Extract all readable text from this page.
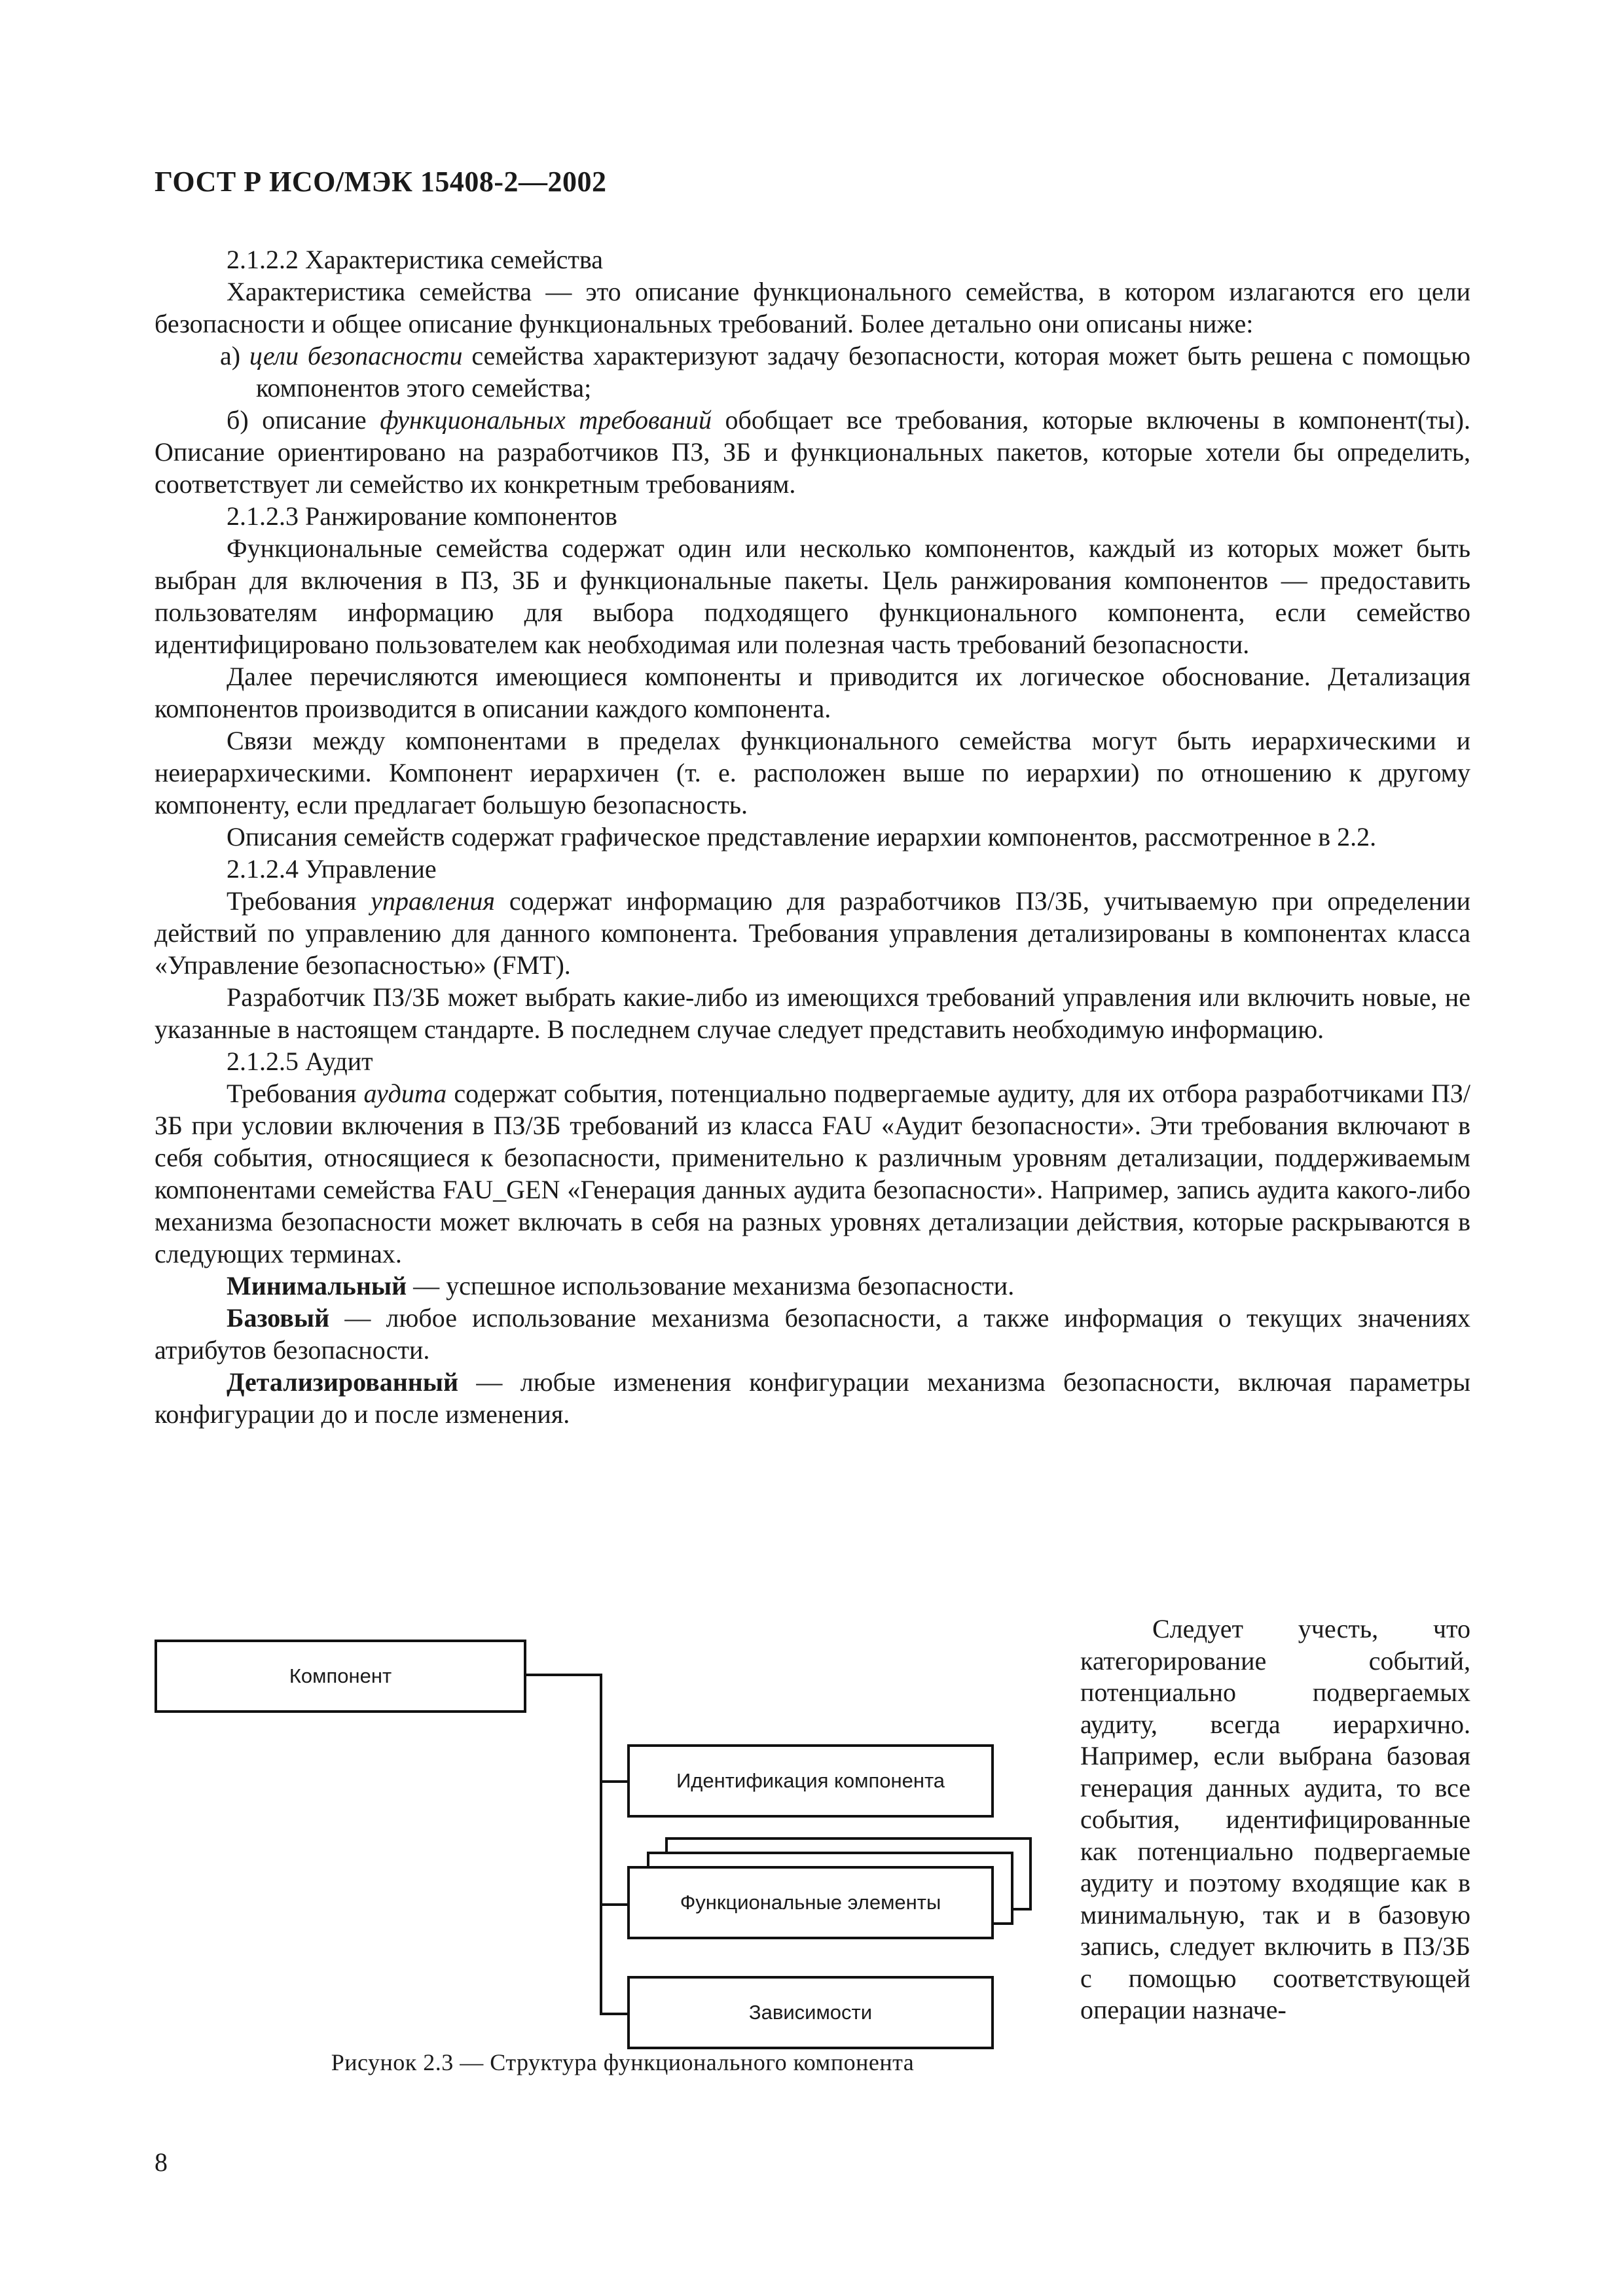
ГОСТ Р ИСО/МЭК 15408-2—2002

2.1.2.2 Характеристика семейства

Характеристика семейства — это описание функционального семейства, в котором излагаются его цели безопасности и общее описание функциональных требований. Более детально они описаны ниже:

а) цели безопасности семейства характеризуют задачу безопасности, которая может быть решена с помощью компонентов этого семейства;

б) описание функциональных требований обобщает все требования, которые включены в компонент(ты). Описание ориентировано на разработчиков ПЗ, ЗБ и функциональных пакетов, которые хотели бы определить, соответствует ли семейство их конкретным требованиям.

2.1.2.3 Ранжирование компонентов

Функциональные семейства содержат один или несколько компонентов, каждый из которых может быть выбран для включения в ПЗ, ЗБ и функциональные пакеты. Цель ранжирования компонентов — предоставить пользователям информацию для выбора подходящего функционального компонента, если семейство идентифицировано пользователем как необходимая или полезная часть требований безопасности.

Далее перечисляются имеющиеся компоненты и приводится их логическое обоснование. Детализация компонентов производится в описании каждого компонента.

Связи между компонентами в пределах функционального семейства могут быть иерархическими и неиерархическими. Компонент иерархичен (т. е. расположен выше по иерархии) по отношению к другому компоненту, если предлагает большую безопасность.

Описания семейств содержат графическое представление иерархии компонентов, рассмотренное в 2.2.

2.1.2.4 Управление

Требования управления содержат информацию для разработчиков ПЗ/ЗБ, учитываемую при определении действий по управлению для данного компонента. Требования управления детализированы в компонентах класса «Управление безопасностью» (FMT).

Разработчик ПЗ/ЗБ может выбрать какие-либо из имеющихся требований управления или включить новые, не указанные в настоящем стандарте. В последнем случае следует представить необходимую информацию.

2.1.2.5 Аудит

Требования аудита содержат события, потенциально подвергаемые аудиту, для их отбора разработчиками ПЗ/ЗБ при условии включения в ПЗ/ЗБ требований из класса FAU «Аудит безопасности». Эти требования включают в себя события, относящиеся к безопасности, применительно к различным уровням детализации, поддерживаемым компонентами семейства FAU_GEN «Генерация данных аудита безопасности». Например, запись аудита какого-либо механизма безопасности может включать в себя на разных уровнях детализации действия, которые раскрываются в следующих терминах.

Минимальный — успешное использование механизма безопасности.

Базовый — любое использование механизма безопасности, а также информация о текущих значениях атрибутов безопасности.

Детализированный — любые изменения конфигурации механизма безопасности, включая параметры конфигурации до и после изменения.

Компонент
Идентификация компонента
Функциональные элементы
Зависимости
Рисунок 2.3 — Структура функционального компонента

Следует учесть, что категорирование событий, потенциально подвергаемых аудиту, всегда иерархично. Например, если выбрана базовая генерация данных аудита, то все события, идентифицированные как потенциально подвергаемые аудиту и поэтому входящие как в минимальную, так и в базовую запись, следует включить в ПЗ/ЗБ с помощью соответствующей операции назначе-

8
